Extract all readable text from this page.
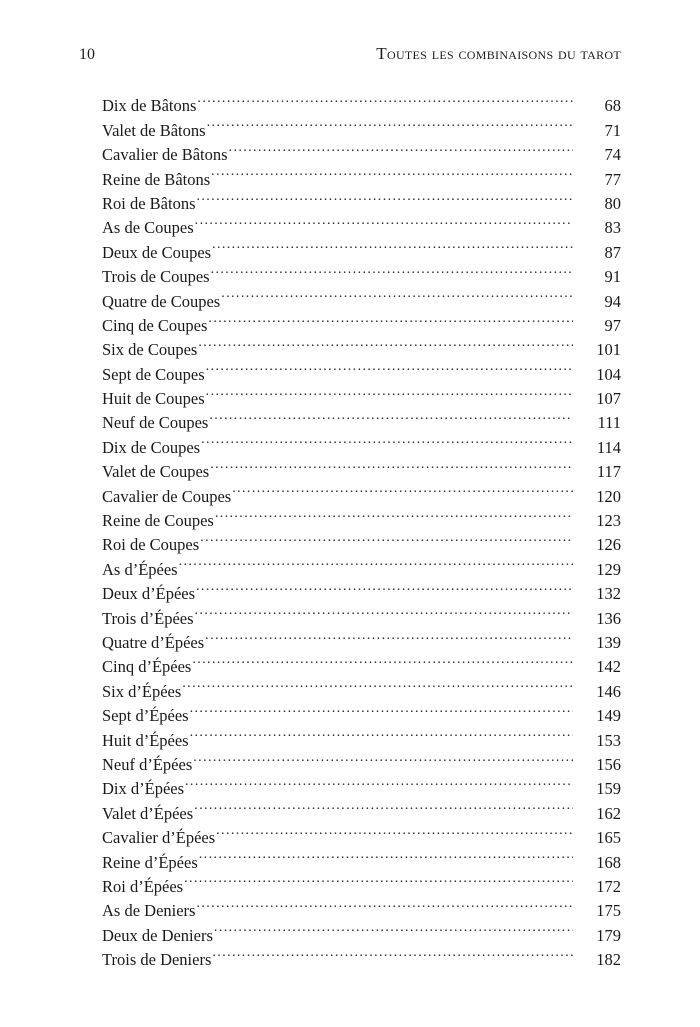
10	Toutes les combinaisons du tarot
Dix de Bâtons .....	68
Valet de Bâtons .....	71
Cavalier de Bâtons .....	74
Reine de Bâtons .....	77
Roi de Bâtons .....	80
As de Coupes .....	83
Deux de Coupes .....	87
Trois de Coupes .....	91
Quatre de Coupes .....	94
Cinq de Coupes .....	97
Six de Coupes .....	101
Sept de Coupes .....	104
Huit de Coupes .....	107
Neuf de Coupes .....	111
Dix de Coupes .....	114
Valet de Coupes .....	117
Cavalier de Coupes .....	120
Reine de Coupes .....	123
Roi de Coupes .....	126
As d’Épées .....	129
Deux d’Épées .....	132
Trois d’Épées .....	136
Quatre d’Épées .....	139
Cinq d’Épées .....	142
Six d’Épées .....	146
Sept d’Épées .....	149
Huit d’Épées .....	153
Neuf d’Épées .....	156
Dix d’Épées .....	159
Valet d’Épées .....	162
Cavalier d’Épées .....	165
Reine d’Épées .....	168
Roi d’Épées .....	172
As de Deniers .....	175
Deux de Deniers .....	179
Trois de Deniers .....	182
